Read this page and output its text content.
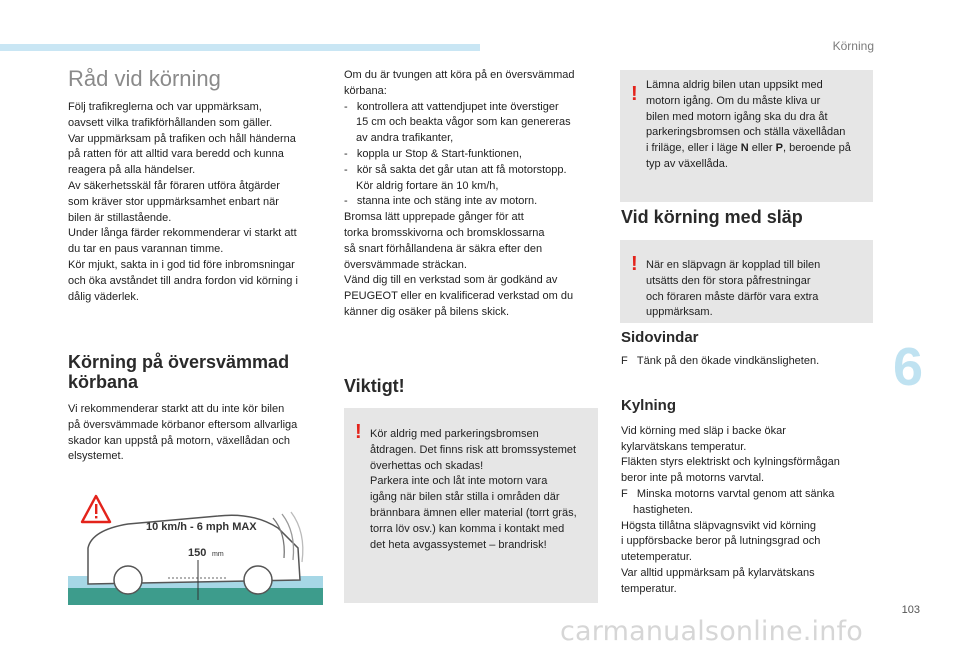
Körning
6
103
Råd vid körning

Följ trafikreglerna och var uppmärksam,
oavsett vilka trafikförhållanden som gäller.
Var uppmärksam på trafiken och håll händerna
på ratten för att alltid vara beredd och kunna
reagera på alla händelser.
Av säkerhetsskäl får föraren utföra åtgärder
som kräver stor uppmärksamhet enbart när
bilen är stillastående.
Under långa färder rekommenderar vi starkt att
du tar en paus varannan timme.
Kör mjukt, sakta in i god tid före inbromsningar
och öka avståndet till andra fordon vid körning i
dålig väderlek.

Körning på översvämmad
körbana

Vi rekommenderar starkt att du inte kör bilen
på översvämmade körbanor eftersom allvarliga
skador kan uppstå på motorn, växellådan och
elsystemet.

10 km/h - 6 mph MAX
150 mm

Om du är tvungen att köra på en översvämmad
körbana:

- kontrollera att vattendjupet inte överstiger

15 cm och beakta vågor som kan genereras
av andra trafikanter,

- koppla ur Stop & Start-funktionen,
- kör så sakta det går utan att få motorstopp.

Kör aldrig fortare än 10 km/h,

- stanna inte och stäng inte av motorn.

Bromsa lätt upprepade gånger för att
torka bromsskivorna och bromsklossarna
så snart förhållandena är säkra efter den
översvämmade sträckan.
Vänd dig till en verkstad som är godkänd av
PEUGEOT eller en kvalificerad verkstad om du
känner dig osäker på bilens skick.

Viktigt!
! Kör aldrig med parkeringsbromsen
åtdragen. Det finns risk att bromssystemet
överhettas och skadas!
Parkera inte och låt inte motorn vara
igång när bilen står stilla i områden där
brännbara ämnen eller material (torrt gräs,
torra löv osv.) kan komma i kontakt med
det heta avgassystemet – brandrisk!

! Lämna aldrig bilen utan uppsikt med
motorn igång. Om du måste kliva ur
bilen med motorn igång ska du dra åt
parkeringsbromsen och ställa växellådan
i friläge, eller i läge N eller P, beroende på
typ av växellåda.
Vid körning med släp
! När en släpvagn är kopplad till bilen
utsätts den för stora påfrestningar
och föraren måste därför vara extra
uppmärksam.

Sidovindar
F Tänk på den ökade vindkänsligheten.
Kylning

Vid körning med släp i backe ökar
kylarvätskans temperatur.
Fläkten styrs elektriskt och kylningsförmågan
beror inte på motorns varvtal.

F Minska motorns varvtal genom att sänka

hastigheten.

Högsta tillåtna släpvagnsvikt vid körning
i uppförsbacke beror på lutningsgrad och
utetemperatur.
Var alltid uppmärksam på kylarvätskans
temperatur.

carmanualsonline.info
